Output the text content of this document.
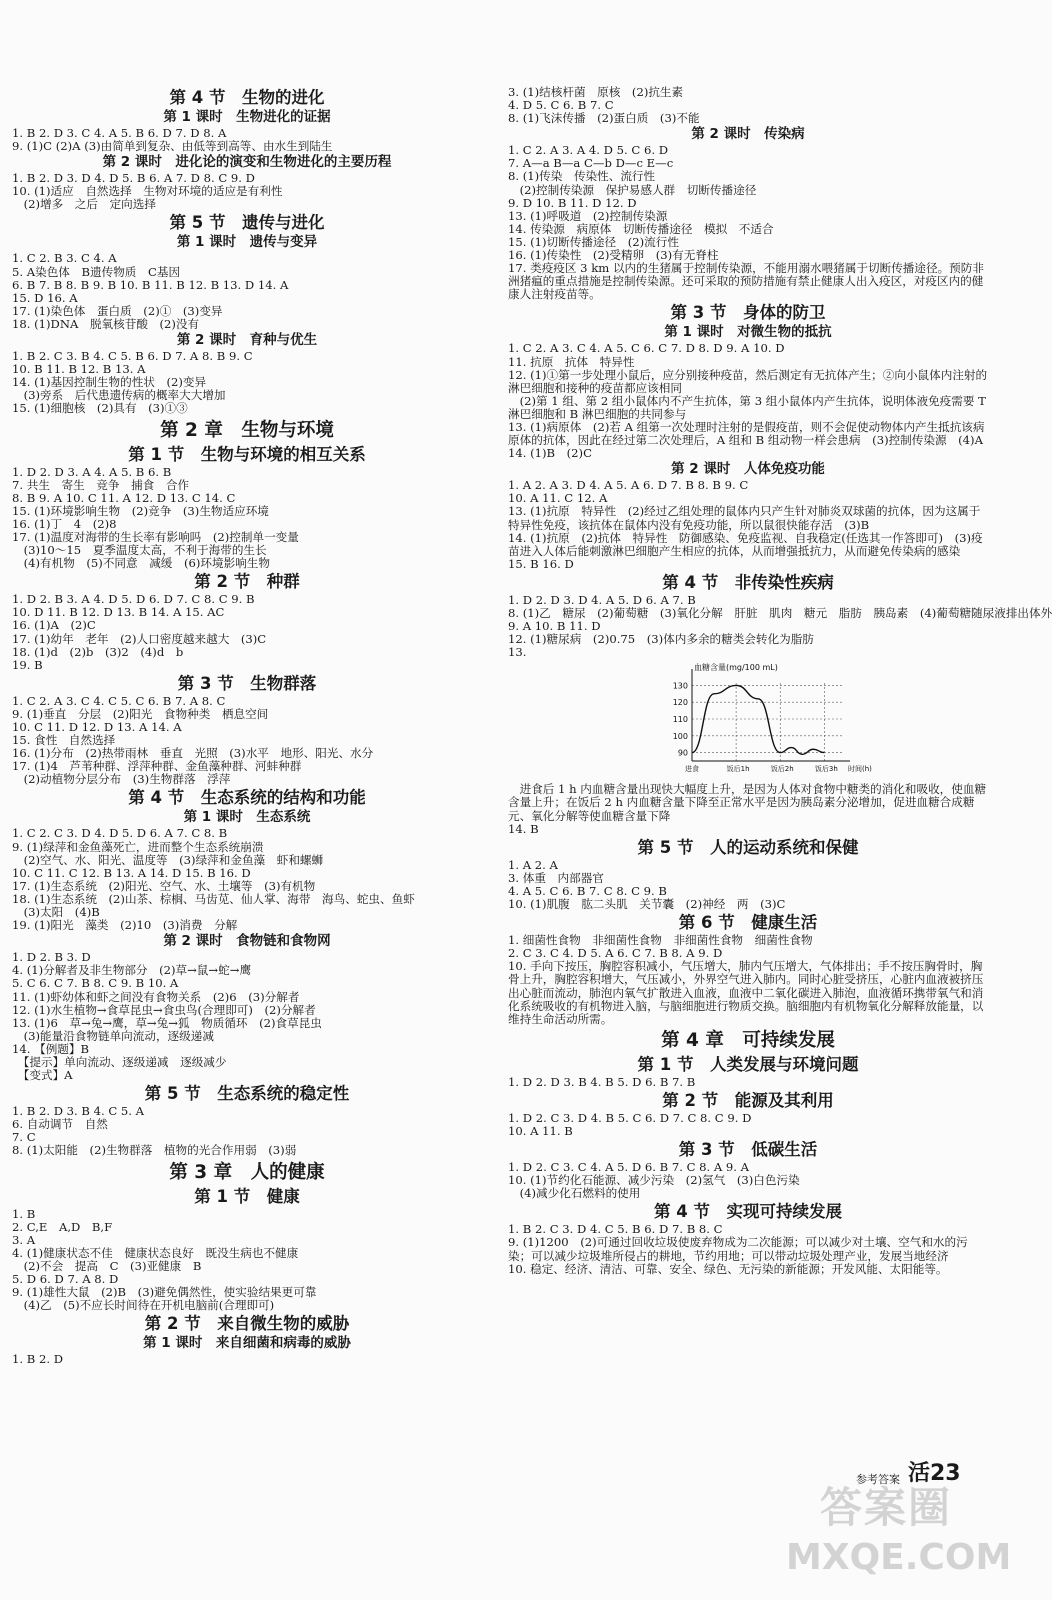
第 4 节　生物的进化
第 1 课时　生物进化的证据
1. B 2. D 3. C 4. A 5. B 6. D 7. D 8. A
9. (1)C (2)A (3)由简单到复杂、由低等到高等、由水生到陆生
第 2 课时　进化论的演变和生物进化的主要历程
1. B 2. D 3. D 4. D 5. B 6. A 7. D 8. C 9. D
10. (1)适应　自然选择　生物对环境的适应是有利性
　(2)增多　之后　定向选择
第 5 节　遗传与进化
第 1 课时　遗传与变异
1. C 2. B 3. C 4. A
5. A染色体　B遗传物质　C基因
6. B 7. B 8. B 9. B 10. B 11. B 12. B 13. D 14. A
15. D 16. A
17. (1)染色体　蛋白质　(2)①　(3)变异
18. (1)DNA　脱氧核苷酸　(2)没有
第 2 课时　育种与优生
1. B 2. C 3. B 4. C 5. B 6. D 7. A 8. B 9. C
10. B 11. B 12. B 13. A
14. (1)基因控制生物的性状　(2)变异
　(3)旁系　后代患遗传病的概率大大增加
15. (1)细胞核　(2)具有　(3)①③
第 2 章　生物与环境
第 1 节　生物与环境的相互关系
1. D 2. D 3. A 4. A 5. B 6. B
7. 共生　寄生　竞争　捕食　合作
8. B 9. A 10. C 11. A 12. D 13. C 14. C
15. (1)环境影响生物　(2)竞争　(3)生物适应环境
16. (1)丁　4　(2)8
17. (1)温度对海带的生长率有影响吗　(2)控制单一变量
　(3)10～15　夏季温度太高，不利于海带的生长
　(4)有机物　(5)不同意　减缓　(6)环境影响生物
第 2 节　种群
1. D 2. B 3. A 4. D 5. D 6. D 7. C 8. C 9. B
10. D 11. B 12. D 13. B 14. A 15. AC
16. (1)A　(2)C
17. (1)幼年　老年　(2)人口密度越来越大　(3)C
18. (1)d　(2)b　(3)2　(4)d　b
19. B
第 3 节　生物群落
1. C 2. A 3. C 4. C 5. C 6. B 7. A 8. C
9. (1)垂直　分层　(2)阳光　食物种类　栖息空间
10. C 11. D 12. D 13. A 14. A
15. 食性　自然选择
16. (1)分布　(2)热带雨林　垂直　光照　(3)水平　地形、阳光、水分
17. (1)4　芦苇种群、浮萍种群、金鱼藻种群、河蚌种群
　(2)动植物分层分布　(3)生物群落　浮萍
第 4 节　生态系统的结构和功能
第 1 课时　生态系统
1. C 2. C 3. D 4. D 5. D 6. A 7. C 8. B
9. (1)绿萍和金鱼藻死亡，进而整个生态系统崩溃
　(2)空气、水、阳光、温度等　(3)绿萍和金鱼藻　虾和螺蛳
10. C 11. C 12. B 13. A 14. D 15. B 16. D
17. (1)生态系统　(2)阳光、空气、水、土壤等　(3)有机物
18. (1)生态系统　(2)山茶、棕榈、马齿苋、仙人掌、海带　海鸟、蛇虫、鱼虾
　(3)太阳　(4)B
19. (1)阳光　藻类　(2)10　(3)消费　分解
第 2 课时　食物链和食物网
1. D 2. B 3. D
4. (1)分解者及非生物部分　(2)草→鼠→蛇→鹰
5. C 6. C 7. B 8. C 9. B 10. A
11. (1)虾幼体和虾之间没有食物关系　(2)6　(3)分解者
12. (1)水生植物→食草昆虫→食虫鸟(合理即可)　(2)分解者
13. (1)6　草→兔→鹰，草→兔→狐　物质循环　(2)食草昆虫
　(3)能量沿食物链单向流动，逐级递减
14. 【例题】B
　【提示】单向流动、逐级递减　逐级减少
　【变式】A
第 5 节　生态系统的稳定性
1. B 2. D 3. B 4. C 5. A
6. 自动调节　自然
7. C
8. (1)太阳能　(2)生物群落　植物的光合作用弱　(3)弱
第 3 章　人的健康
第 1 节　健康
1. B
2. C,E　A,D　B,F
3. A
4. (1)健康状态不佳　健康状态良好　既没生病也不健康
　(2)不会　提高　C　(3)亚健康　B
5. D 6. D 7. A 8. D
9. (1)雄性大鼠　(2)B　(3)避免偶然性，使实验结果更可靠
　(4)乙　(5)不应长时间待在开机电脑前(合理即可)
第 2 节　来自微生物的威胁
第 1 课时　来自细菌和病毒的威胁
1. B 2. D
3. (1)结核杆菌　原核　(2)抗生素
4. D 5. C 6. B 7. C
8. (1)飞沫传播　(2)蛋白质　(3)不能
第 2 课时　传染病
1. C 2. A 3. A 4. D 5. C 6. D
7. A—a B—a C—b D—c E—c
8. (1)传染　传染性、流行性
　(2)控制传染源　保护易感人群　切断传播途径
9. D 10. B 11. D 12. D
13. (1)呼吸道　(2)控制传染源
14. 传染源　病原体　切断传播途径　模拟　不适合
15. (1)切断传播途径　(2)流行性
16. (1)传染性　(2)受精卵　(3)有无脊柱
17. 类疫疫区 3 km 以内的生猪属于控制传染源，不能用溺水喂猪属于切断传播途径。预防非洲猪瘟的重点措施是控制传染源。还可采取的预防措施有禁止健康人出入疫区，对疫区内的健康人注射疫苗等。
第 3 节　身体的防卫
第 1 课时　对微生物的抵抗
1. C 2. A 3. C 4. A 5. C 6. C 7. D 8. D 9. A 10. D
11. 抗原　抗体　特异性
12. (1)①第一步处理小鼠后，应分别接种疫苗，然后测定有无抗体产生；②向小鼠体内注射的淋巴细胞和接种的疫苗都应该相同
　(2)第 1 组、第 2 组小鼠体内不产生抗体，第 3 组小鼠体内产生抗体，说明体液免疫需要 T 淋巴细胞和 B 淋巴细胞的共同参与
13. (1)病原体　(2)若 A 组第一次处理时注射的是假疫苗，则不会促使动物体内产生抵抗该病原体的抗体，因此在经过第二次处理后，A 组和 B 组动物一样会患病　(3)控制传染源　(4)A
14. (1)B　(2)C
第 2 课时　人体免疫功能
1. A 2. A 3. D 4. A 5. A 6. D 7. B 8. B 9. C
10. A 11. C 12. A
13. (1)抗原　特异性　(2)经过乙组处理的鼠体内只产生针对肺炎双球菌的抗体，因为这属于特异性免疫，该抗体在鼠体内没有免疫功能，所以鼠很快能存活　(3)B
14. (1)抗原　(2)抗体　特异性　防御感染、免疫监视、自我稳定(任选其一作答即可)　(3)疫苗进入人体后能刺激淋巴细胞产生相应的抗体，从而增强抵抗力，从而避免传染病的感染
15. B 16. D
第 4 节　非传染性疾病
1. D 2. D 3. D 4. A 5. D 6. A 7. B
8. (1)乙　糖尿　(2)葡萄糖　(3)氧化分解　肝脏　肌肉　糖元　脂肪　胰岛素　(4)葡萄糖随尿液排出体外
9. A 10. B 11. D
12. (1)糖尿病　(2)0.75　(3)体内多余的糖类会转化为脂肪
13.
130
120
110
100
90
进食	饭后1h	饭后2h	饭后3h
血糖含量(mg/100 mL)
时间(h)
　进食后 1 h 内血糖含量出现快大幅度上升，是因为人体对食物中糖类的消化和吸收，使血糖含量上升；在饭后 2 h 内血糖含量下降至正常水平是因为胰岛素分泌增加，促进血糖合成糖元、氧化分解等使血糖含量下降
14. B
第 5 节　人的运动系统和保健
1. A 2. A
3. 体重　内部器官
4. A 5. C 6. B 7. C 8. C 9. B
10. (1)肌腹　肱二头肌　关节囊　(2)神经　两　(3)C
第 6 节　健康生活
1. 细菌性食物　非细菌性食物　非细菌性食物　细菌性食物
2. C 3. C 4. D 5. A 6. C 7. B 8. A 9. D
10. 手向下按压，胸腔容积减小，气压增大，肺内气压增大，气体排出；手不按压胸骨时，胸骨上升，胸腔容积增大，气压减小，外界空气进入肺内。同时心脏受挤压，心脏内血液被挤压出心脏而流动，肺泡内氧气扩散进入血液，血液中二氧化碳进入肺泡，血液循环携带氧气和消化系统吸收的有机物进入脑，与脑细胞进行物质交换。脑细胞内有机物氧化分解释放能量，以维持生命活动所需。
第 4 章　可持续发展
第 1 节　人类发展与环境问题
1. D 2. D 3. B 4. B 5. D 6. B 7. B
第 2 节　能源及其利用
1. D 2. C 3. D 4. B 5. C 6. D 7. C 8. C 9. D
10. A 11. B
第 3 节　低碳生活
1. D 2. C 3. C 4. A 5. D 6. B 7. C 8. A 9. A
10. (1)节约化石能源、减少污染　(2)氢气　(3)白色污染
　(4)减少化石燃料的使用
第 4 节　实现可持续发展
1. B 2. C 3. D 4. C 5. B 6. D 7. B 8. C
9. (1)1200　(2)可通过回收垃圾使废弃物成为二次能源；可以减少对土壤、空气和水的污染；可以减少垃圾堆所侵占的耕地，节约用地；可以带动垃圾处理产业，发展当地经济
10. 稳定、经济、清洁、可靠、安全、绿色、无污染的新能源；开发风能、太阳能等。
参考答案 活23
答案圈
MXQE.COM
